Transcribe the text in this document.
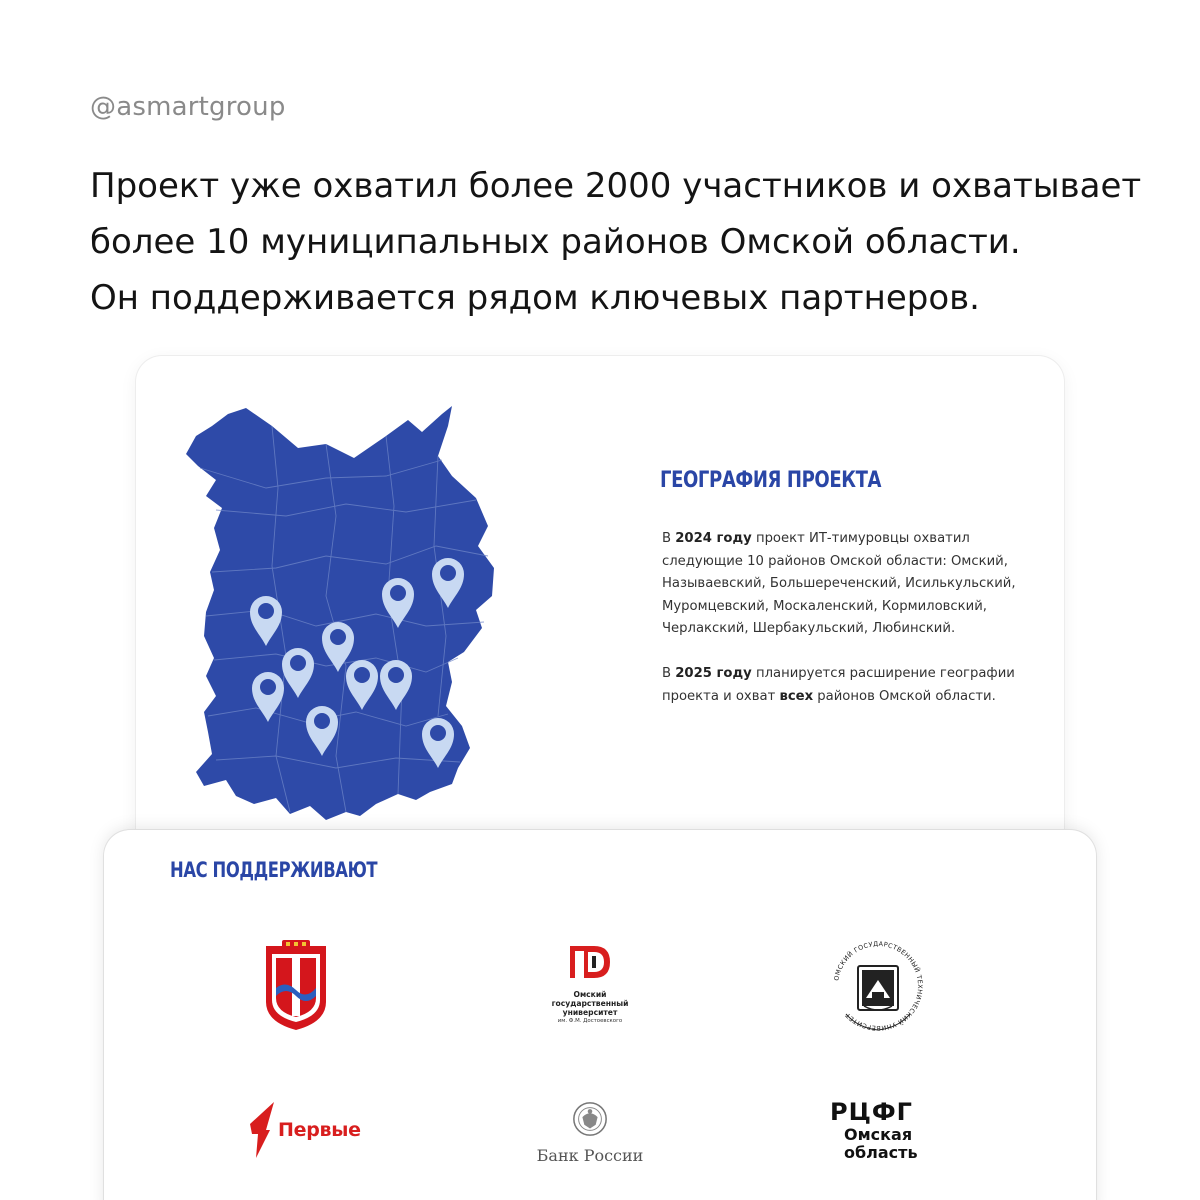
@asmartgroup
Проект уже охватил более 2000 участников и охватывает
более 10 муниципальных районов Омской области.
Он поддерживается рядом ключевых партнеров.
ГЕОГРАФИЯ ПРОЕКТА

В 2024 году проект ИТ-тимуровцы охватил следующие 10 районов Омской области: Омский, Называевский, Большереченский, Исилькульский, Муромцевский, Москаленский, Кормиловский, Черлакский, Шербакульский, Любинский.

В 2025 году планируется расширение географии проекта и охват всех районов Омской области.

НАС ПОДДЕРЖИВАЮТ
Омский государственный
университет
им. Ф.М. Достоевского
ОМСКИЙ ГОСУДАРСТВЕННЫЙ ТЕХНИЧЕСКИЙ УНИВЕРСИТЕТ
Первые
Банк России
РЦФГ
Омская
область
